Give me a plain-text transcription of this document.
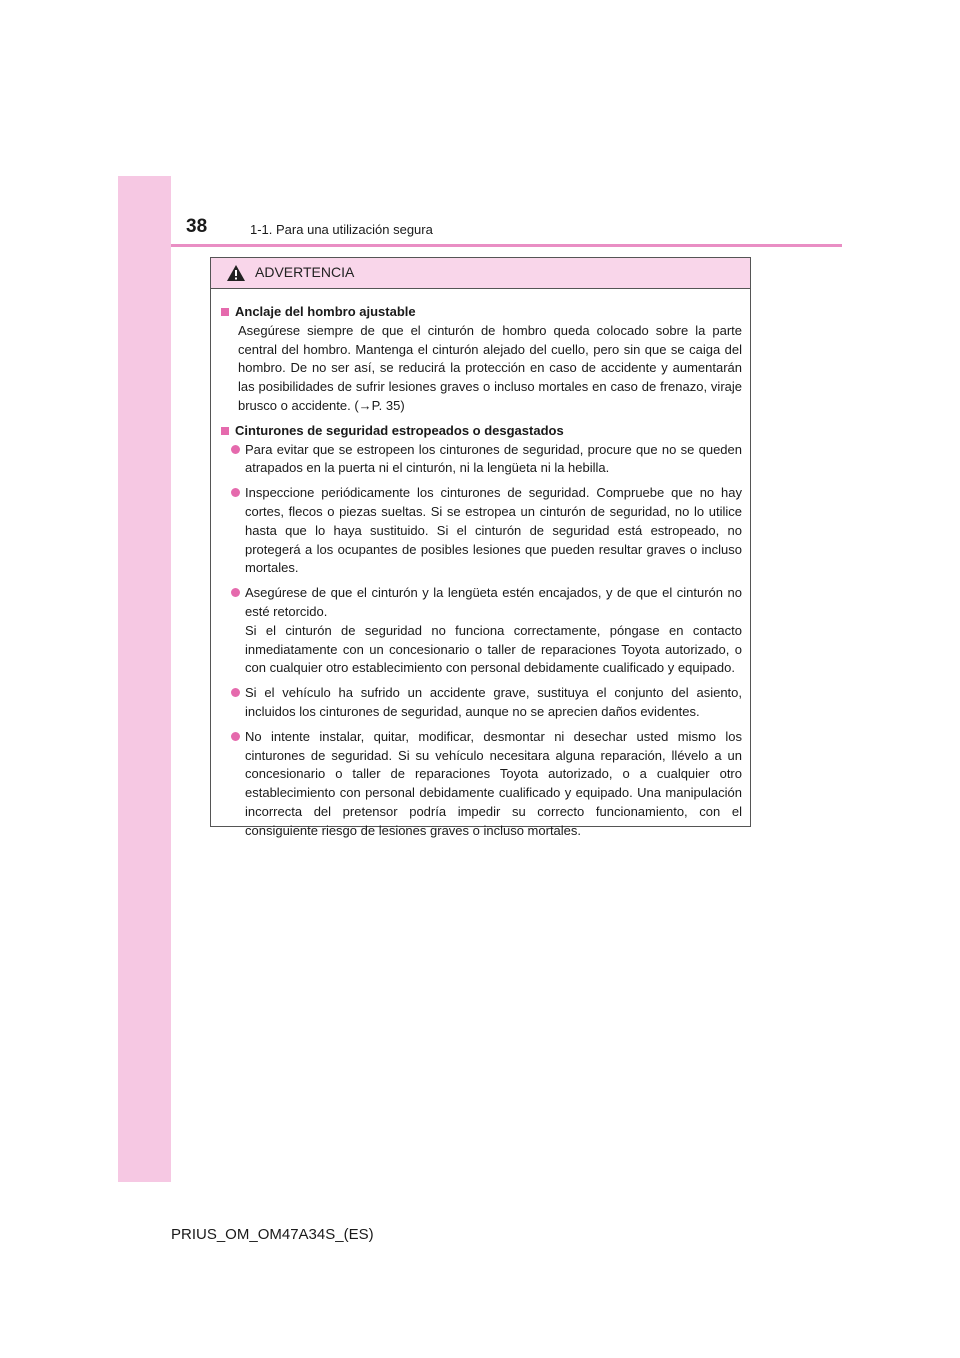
38	1-1. Para una utilización segura
ADVERTENCIA
Anclaje del hombro ajustable
Asegúrese siempre de que el cinturón de hombro queda colocado sobre la parte central del hombro. Mantenga el cinturón alejado del cuello, pero sin que se caiga del hombro. De no ser así, se reducirá la protección en caso de accidente y aumentarán las posibilidades de sufrir lesiones graves o incluso mortales en caso de frenazo, viraje brusco o accidente. (→P. 35)
Cinturones de seguridad estropeados o desgastados
Para evitar que se estropeen los cinturones de seguridad, procure que no se queden atrapados en la puerta ni el cinturón, ni la lengüeta ni la hebilla.
Inspeccione periódicamente los cinturones de seguridad. Compruebe que no hay cortes, flecos o piezas sueltas. Si se estropea un cinturón de seguridad, no lo utilice hasta que lo haya sustituido. Si el cinturón de seguridad está estropeado, no protegerá a los ocupantes de posibles lesiones que pueden resultar graves o incluso mortales.
Asegúrese de que el cinturón y la lengüeta estén encajados, y de que el cinturón no esté retorcido.
Si el cinturón de seguridad no funciona correctamente, póngase en contacto inmediatamente con un concesionario o taller de reparaciones Toyota autorizado, o con cualquier otro establecimiento con personal debidamente cualificado y equipado.
Si el vehículo ha sufrido un accidente grave, sustituya el conjunto del asiento, incluidos los cinturones de seguridad, aunque no se aprecien daños evidentes.
No intente instalar, quitar, modificar, desmontar ni desechar usted mismo los cinturones de seguridad. Si su vehículo necesitara alguna reparación, llévelo a un concesionario o taller de reparaciones Toyota autorizado, o a cualquier otro establecimiento con personal debidamente cualificado y equipado. Una manipulación incorrecta del pretensor podría impedir su correcto funcionamiento, con el consiguiente riesgo de lesiones graves o incluso mortales.
PRIUS_OM_OM47A34S_(ES)
